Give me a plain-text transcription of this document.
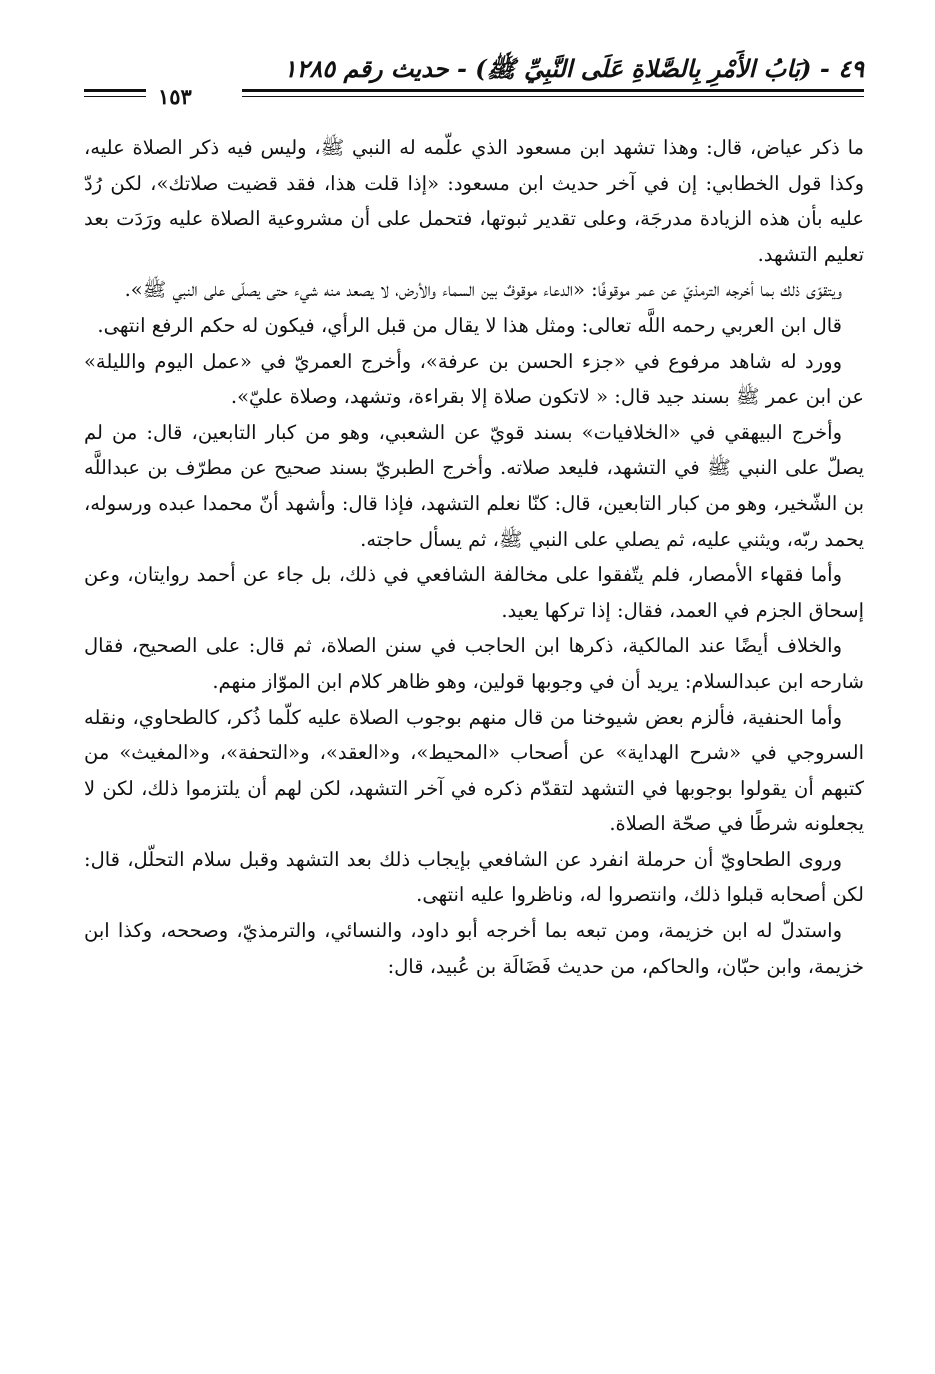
٤٩ - (بَابُ الأَمْرِ بِالصَّلاةِ عَلَى النَّبِيِّ ﷺ) - حديث رقم ١٢٨٥
١٥٣

ما ذكر عياض، قال: وهذا تشهد ابن مسعود الذي علّمه له النبي ﷺ، وليس فيه ذكر الصلاة عليه، وكذا قول الخطابي: إن في آخر حديث ابن مسعود: «إذا قلت هذا، فقد قضيت صلاتك»، لكن رُدّ عليه بأن هذه الزيادة مدرجَة، وعلى تقدير ثبوتها، فتحمل على أن مشروعية الصلاة عليه ورَدَت بعد تعليم التشهد.

ويتقوّى ذلك بما أخرجه الترمذيّ عن عمر موقوفًا: «الدعاء موقوفٌ بين السماء والأرض، لا يصعد منه شيء حتى يصلّى على النبي ﷺ».

قال ابن العربي رحمه اللَّه تعالى: ومثل هذا لا يقال من قبل الرأي، فيكون له حكم الرفع انتهى.

وورد له شاهد مرفوع في «جزء الحسن بن عرفة»، وأخرج العمريّ في «عمل اليوم والليلة» عن ابن عمر ﷺ بسند جيد قال: « لاتكون صلاة إلا بقراءة، وتشهد، وصلاة عليّ».

وأخرج البيهقي في «الخلافيات» بسند قويّ عن الشعبي، وهو من كبار التابعين، قال: من لم يصلّ على النبي ﷺ في التشهد، فليعد صلاته. وأخرج الطبريّ بسند صحيح عن مطرّف بن عبداللَّه بن الشّخير، وهو من كبار التابعين، قال: كنّا نعلم التشهد، فإذا قال: وأشهد أنّ محمدا عبده ورسوله، يحمد ربّه، ويثني عليه، ثم يصلي على النبي ﷺ، ثم يسأل حاجته.

وأما فقهاء الأمصار، فلم يتّفقوا على مخالفة الشافعي في ذلك، بل جاء عن أحمد روايتان، وعن إسحاق الجزم في العمد، فقال: إذا تركها يعيد.

والخلاف أيضًا عند المالكية، ذكرها ابن الحاجب في سنن الصلاة، ثم قال: على الصحيح، فقال شارحه ابن عبدالسلام: يريد أن في وجوبها قولين، وهو ظاهر كلام ابن الموّاز منهم.

وأما الحنفية، فألزم بعض شيوخنا من قال منهم بوجوب الصلاة عليه كلّما ذُكر، كالطحاوي، ونقله السروجي في «شرح الهداية» عن أصحاب «المحيط»، و«العقد»، و«التحفة»، و«المغيث» من كتبهم أن يقولوا بوجوبها في التشهد لتقدّم ذكره في آخر التشهد، لكن لهم أن يلتزموا ذلك، لكن لا يجعلونه شرطًا في صحّة الصلاة.

وروى الطحاويّ أن حرملة انفرد عن الشافعي بإيجاب ذلك بعد التشهد وقبل سلام التحلّل، قال: لكن أصحابه قبلوا ذلك، وانتصروا له، وناظروا عليه انتهى.

واستدلّ له ابن خزيمة، ومن تبعه بما أخرجه أبو داود، والنسائي، والترمذيّ، وصححه، وكذا ابن خزيمة، وابن حبّان، والحاكم، من حديث فَضَالَة بن عُبيد، قال:
